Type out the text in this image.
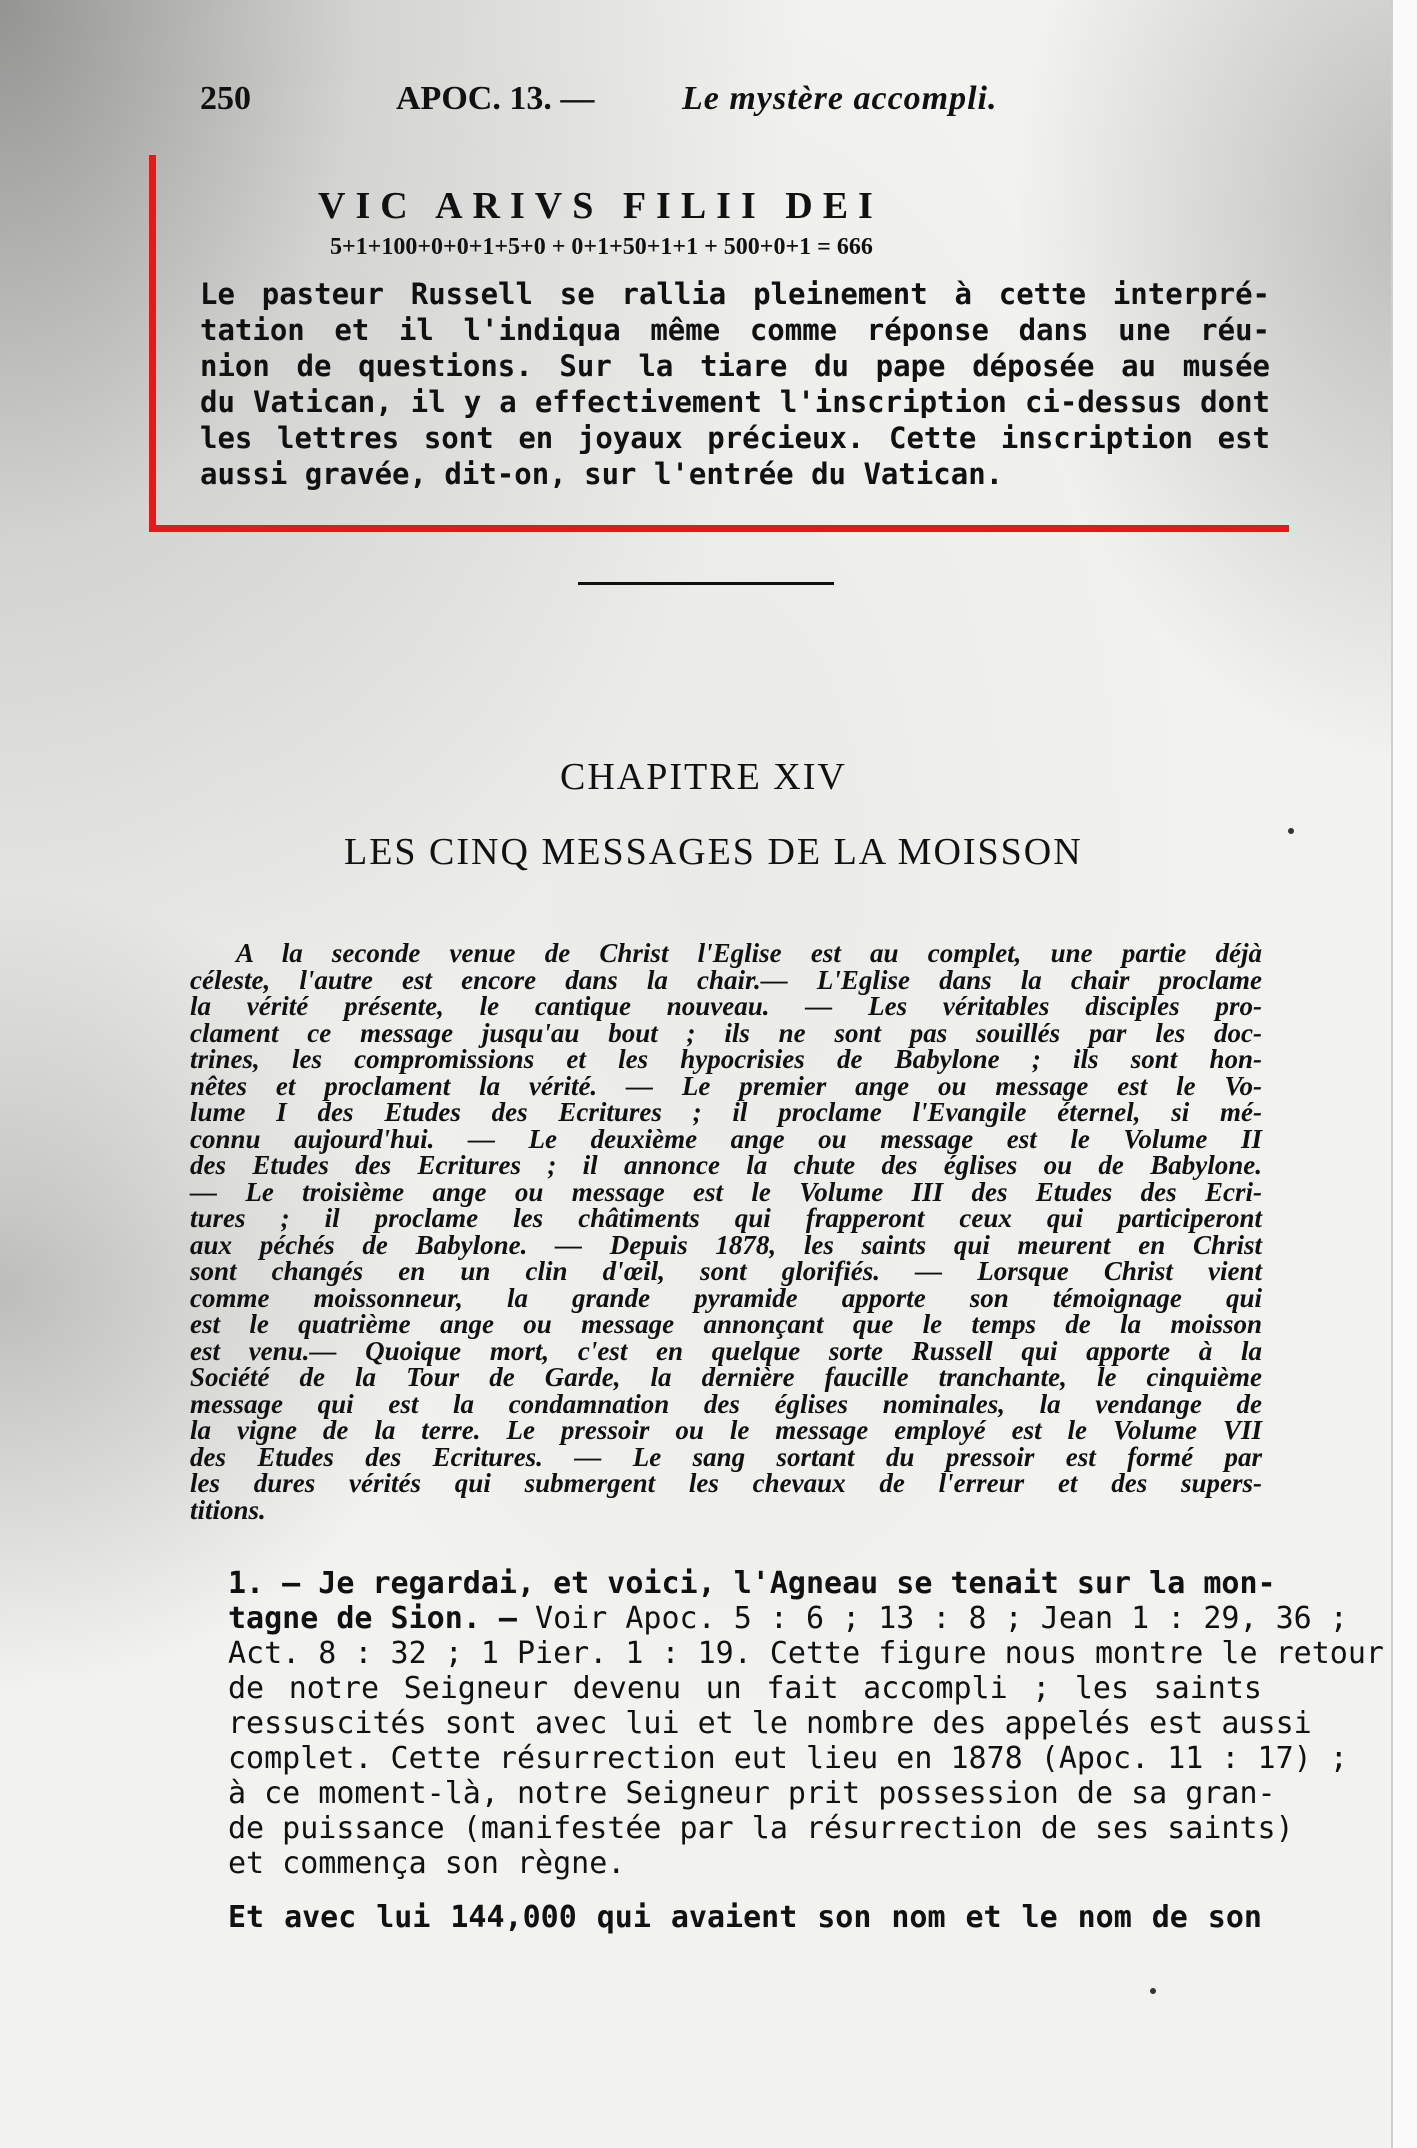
250	APOC. 13. —	Le mystère accompli.
VIC ARIVS FILII DEI
5+1+100+0+0+1+5+0 + 0+1+50+1+1 + 500+0+1 = 666
Le pasteur Russell se rallia pleinement à cette interpré-
tation et il l'indiqua même comme réponse dans une réu-
nion de questions. Sur la tiare du pape déposée au musée
du Vatican, il y a effectivement l'inscription ci-dessus dont
les lettres sont en joyaux précieux. Cette inscription est
aussi gravée, dit-on, sur l'entrée du Vatican.
CHAPITRE XIV
LES CINQ MESSAGES DE LA MOISSON
A la seconde venue de Christ l'Eglise est au complet, une partie déjà
céleste, l'autre est encore dans la chair.— L'Eglise dans la chair proclame
la vérité présente, le cantique nouveau. — Les véritables disciples pro-
clament ce message jusqu'au bout ; ils ne sont pas souillés par les doc-
trines, les compromissions et les hypocrisies de Babylone ; ils sont hon-
nêtes et proclament la vérité. — Le premier ange ou message est le Vo-
lume I des Etudes des Ecritures ; il proclame l'Evangile éternel, si mé-
connu aujourd'hui. — Le deuxième ange ou message est le Volume II
des Etudes des Ecritures ; il annonce la chute des églises ou de Babylone.
— Le troisième ange ou message est le Volume III des Etudes des Ecri-
tures ; il proclame les châtiments qui frapperont ceux qui participeront
aux péchés de Babylone. — Depuis 1878, les saints qui meurent en Christ
sont changés en un clin d'œil, sont glorifiés. — Lorsque Christ vient
comme moissonneur, la grande pyramide apporte son témoignage qui
est le quatrième ange ou message annonçant que le temps de la moisson
est venu.— Quoique mort, c'est en quelque sorte Russell qui apporte à la
Société de la Tour de Garde, la dernière faucille tranchante, le cinquième
message qui est la condamnation des églises nominales, la vendange de
la vigne de la terre. Le pressoir ou le message employé est le Volume VII
des Etudes des Ecritures. — Le sang sortant du pressoir est formé par
les dures vérités qui submergent les chevaux de l'erreur et des supers-
titions.
1. — Je regardai, et voici, l'Agneau se tenait sur la mon-
tagne de Sion. — Voir Apoc. 5 : 6 ; 13 : 8 ; Jean 1 : 29, 36 ;
Act. 8 : 32 ; 1 Pier. 1 : 19. Cette figure nous montre le retour
de notre Seigneur devenu un fait accompli ; les saints
ressuscités sont avec lui et le nombre des appelés est aussi
complet. Cette résurrection eut lieu en 1878 (Apoc. 11 : 17) ;
à ce moment-là, notre Seigneur prit possession de sa gran-
de puissance (manifestée par la résurrection de ses saints)
et commença son règne.
Et avec lui 144,000 qui avaient son nom et le nom de son
